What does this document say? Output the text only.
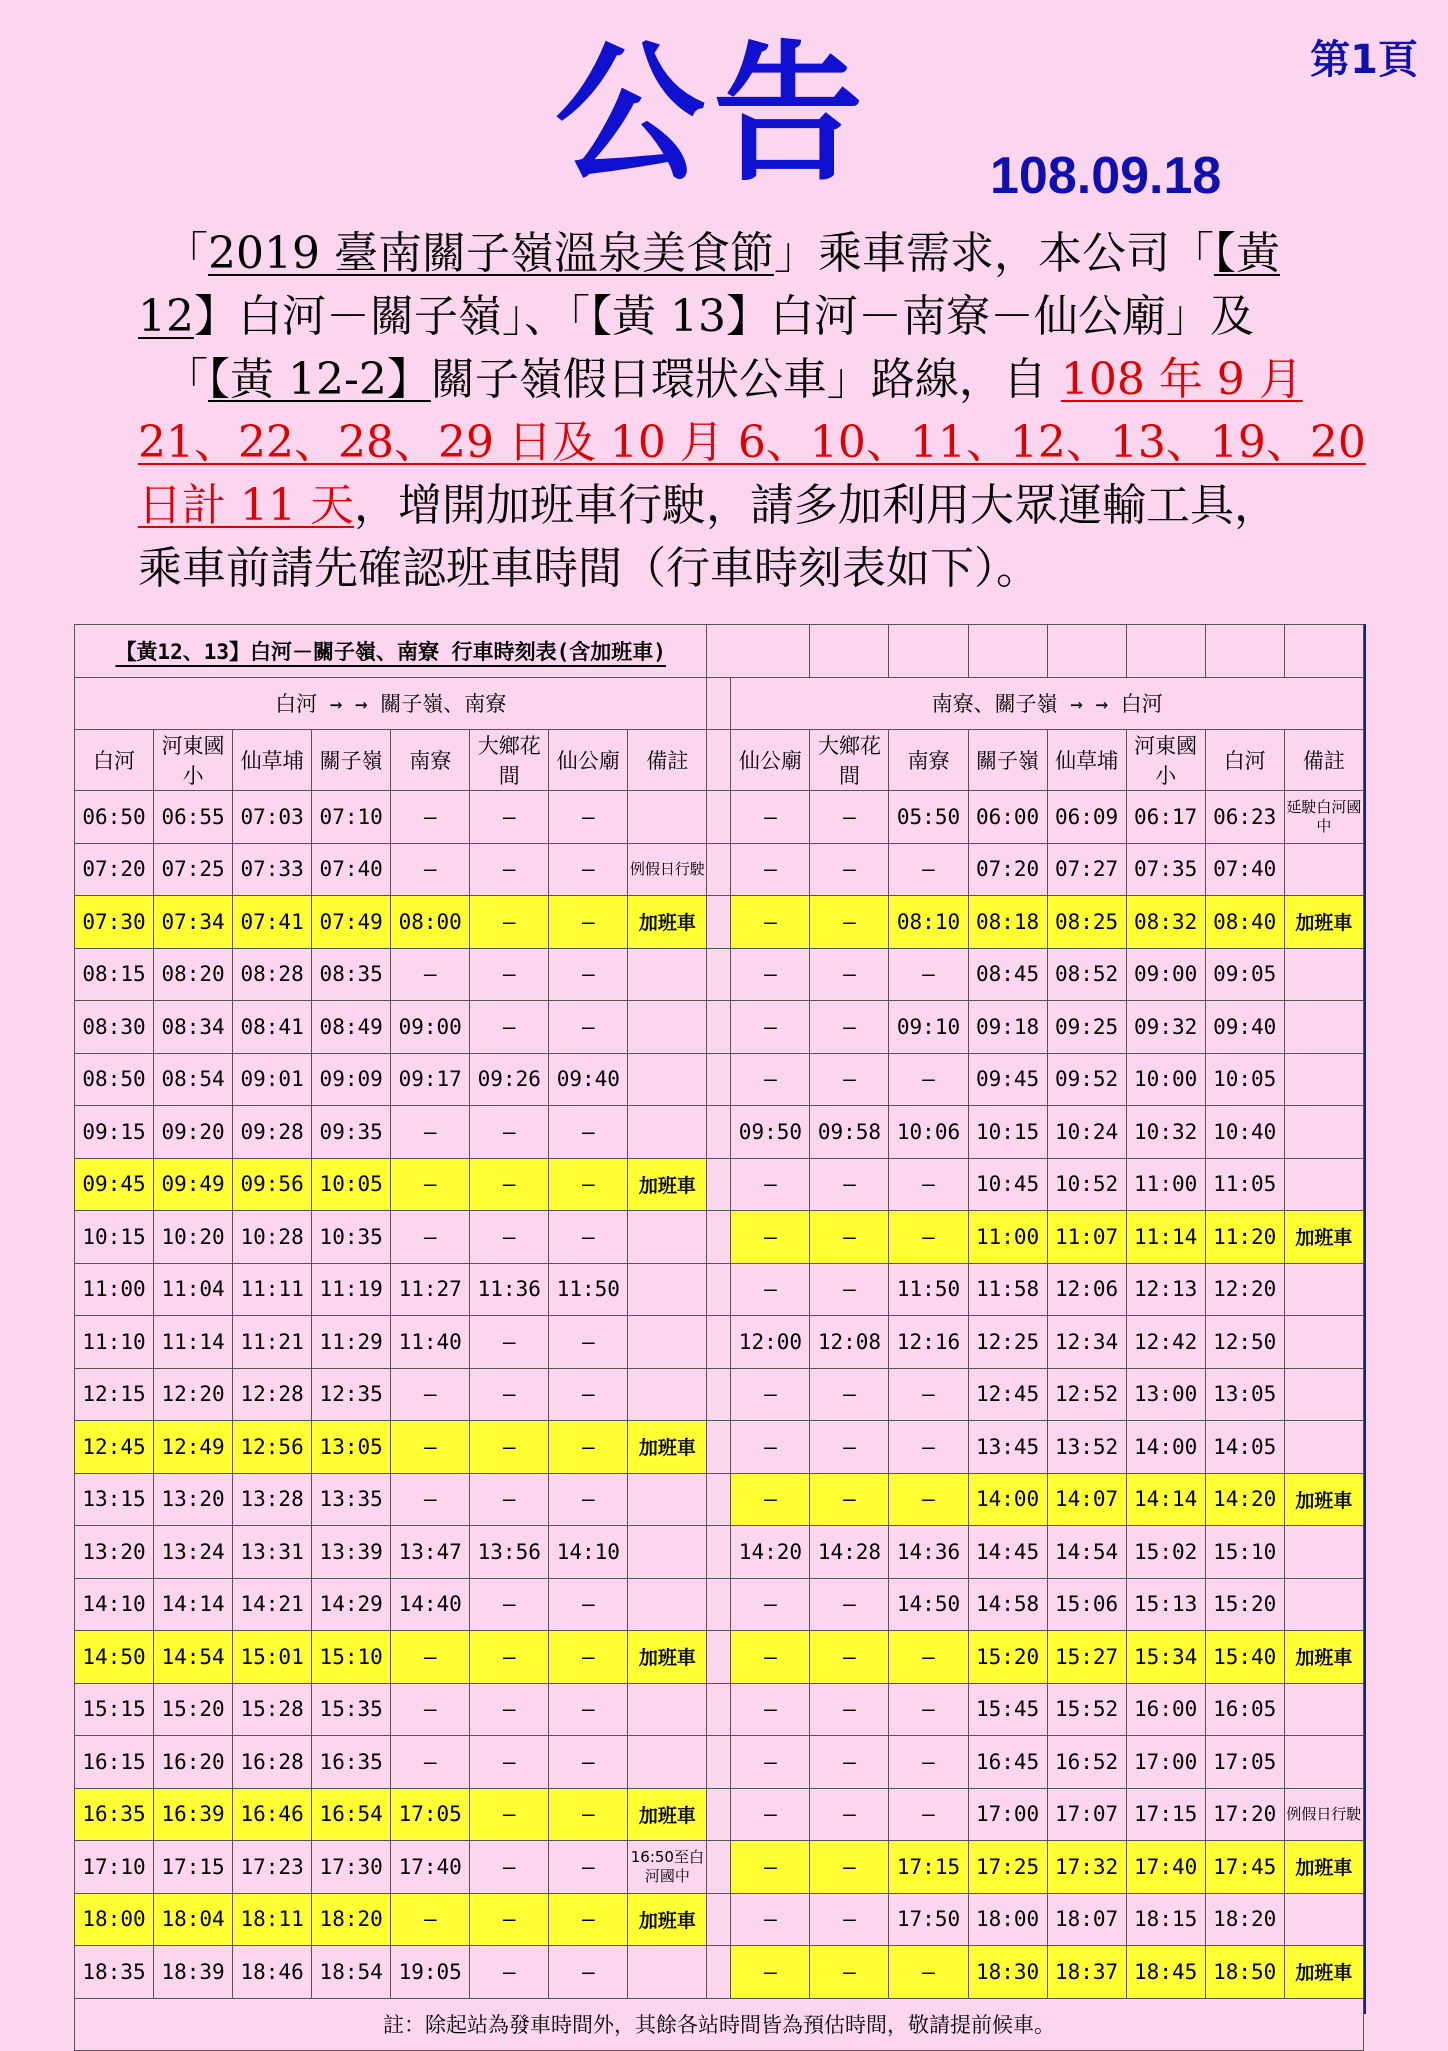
公告	第1頁
108.09.18
「2019 臺南關子嶺溫泉美食節」乘車需求，本公司「【黃
12】白河－關子嶺」、「【黃 13】白河－南寮－仙公廟」及
「【黃 12-2】關子嶺假日環狀公車」路線，自 108 年 9 月
21、22、28、29 日及 10 月 6、10、11、12、13、19、20
日計 11 天，增開加班車行駛，請多加利用大眾運輸工具，
乘車前請先確認班車時間（行車時刻表如下）。
【黃12、13】白河－關子嶺、南寮 行車時刻表(含加班車)																
白河 → → 關子嶺、南寮									南寮、關子嶺 → → 白河							
白河	河東國小	仙草埔	關子嶺	南寮	大鄉花間	仙公廟	備註		仙公廟	大鄉花間	南寮	關子嶺	仙草埔	河東國小	白河	備註
06:50	06:55	07:03	07:10	—	—	—			—	—	05:50	06:00	06:09	06:17	06:23	延駛白河國中
07:20	07:25	07:33	07:40	—	—	—	例假日行駛		—	—	—	07:20	07:27	07:35	07:40	
07:30	07:34	07:41	07:49	08:00	—	—	加班車		—	—	08:10	08:18	08:25	08:32	08:40	加班車
08:15	08:20	08:28	08:35	—	—	—			—	—	—	08:45	08:52	09:00	09:05	
08:30	08:34	08:41	08:49	09:00	—	—			—	—	09:10	09:18	09:25	09:32	09:40	
08:50	08:54	09:01	09:09	09:17	09:26	09:40			—	—	—	09:45	09:52	10:00	10:05	
09:15	09:20	09:28	09:35	—	—	—			09:50	09:58	10:06	10:15	10:24	10:32	10:40	
09:45	09:49	09:56	10:05	—	—	—	加班車		—	—	—	10:45	10:52	11:00	11:05	
10:15	10:20	10:28	10:35	—	—	—			—	—	—	11:00	11:07	11:14	11:20	加班車
11:00	11:04	11:11	11:19	11:27	11:36	11:50			—	—	11:50	11:58	12:06	12:13	12:20	
11:10	11:14	11:21	11:29	11:40	—	—			12:00	12:08	12:16	12:25	12:34	12:42	12:50	
12:15	12:20	12:28	12:35	—	—	—			—	—	—	12:45	12:52	13:00	13:05	
12:45	12:49	12:56	13:05	—	—	—	加班車		—	—	—	13:45	13:52	14:00	14:05	
13:15	13:20	13:28	13:35	—	—	—			—	—	—	14:00	14:07	14:14	14:20	加班車
13:20	13:24	13:31	13:39	13:47	13:56	14:10			14:20	14:28	14:36	14:45	14:54	15:02	15:10	
14:10	14:14	14:21	14:29	14:40	—	—			—	—	14:50	14:58	15:06	15:13	15:20	
14:50	14:54	15:01	15:10	—	—	—	加班車		—	—	—	15:20	15:27	15:34	15:40	加班車
15:15	15:20	15:28	15:35	—	—	—			—	—	—	15:45	15:52	16:00	16:05	
16:15	16:20	16:28	16:35	—	—	—			—	—	—	16:45	16:52	17:00	17:05	
16:35	16:39	16:46	16:54	17:05	—	—	加班車		—	—	—	17:00	17:07	17:15	17:20	例假日行駛
17:10	17:15	17:23	17:30	17:40	—	—	16:50至白河國中		—	—	17:15	17:25	17:32	17:40	17:45	加班車
18:00	18:04	18:11	18:20	—	—	—	加班車		—	—	17:50	18:00	18:07	18:15	18:20	
18:35	18:39	18:46	18:54	19:05	—	—			—	—	—	18:30	18:37	18:45	18:50	加班車
註：除起站為發車時間外，其餘各站時間皆為預估時間，敬請提前候車。																
